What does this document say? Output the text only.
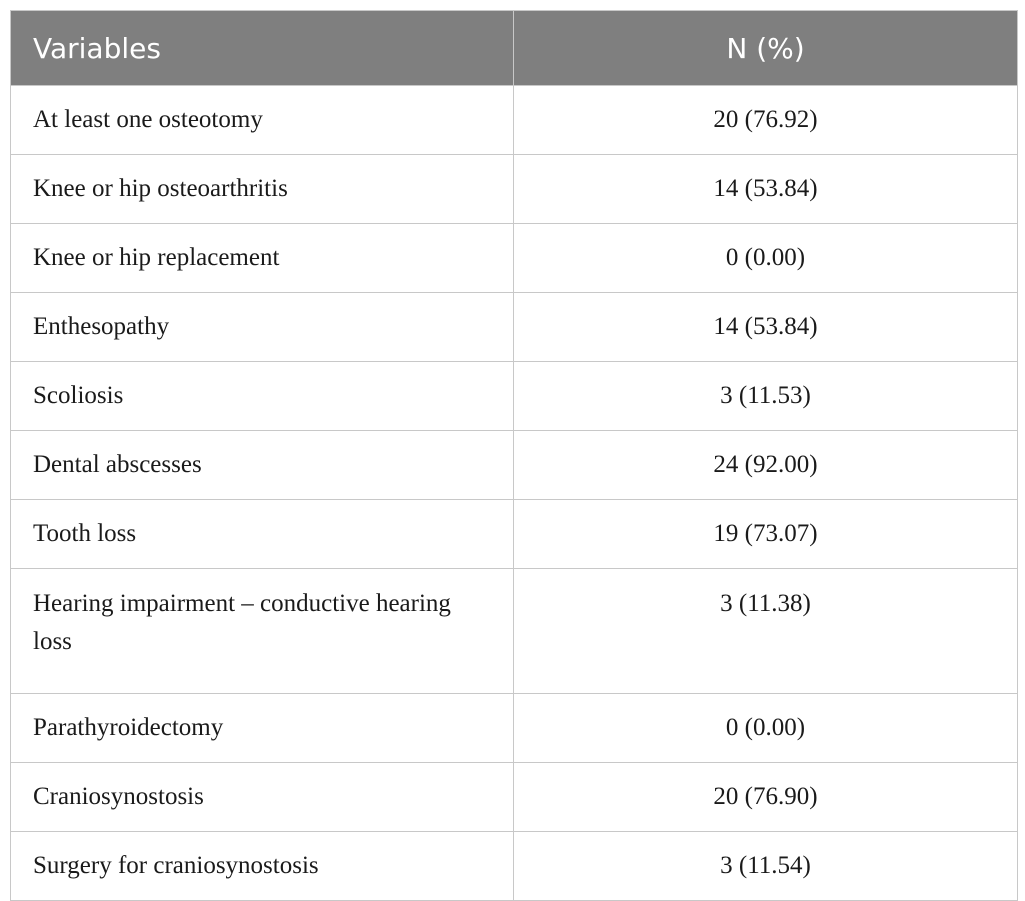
Variables	N (%)
At least one osteotomy	20 (76.92)
Knee or hip osteoarthritis	14 (53.84)
Knee or hip replacement	0 (0.00)
Enthesopathy	14 (53.84)
Scoliosis	3 (11.53)
Dental abscesses	24 (92.00)
Tooth loss	19 (73.07)
Hearing impairment – conductive hearing loss	3 (11.38)
Parathyroidectomy	0 (0.00)
Craniosynostosis	20 (76.90)
Surgery for craniosynostosis	3 (11.54)
